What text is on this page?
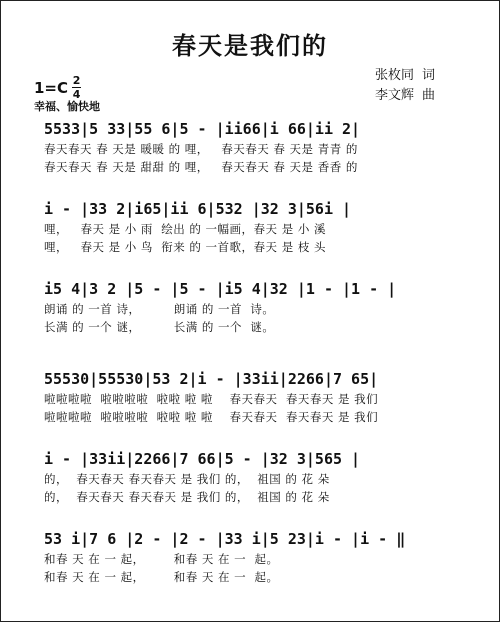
春天是我们的
1=C 2
4
幸福、愉快地
张枚同 词
李文辉 曲
5533|5 33|55 6|5 - |ii66|i 66|ii 2|
春天春天 春 天是 暖暖 的 哩，   春天春天 春 天是 青青 的
春天春天 春 天是 甜甜 的 哩，   春天春天 春 天是 香香 的
i - |33 2|i65|ii 6|532 |32 3|56i |
哩，   春天 是 小 雨  绘出 的 一幅画，春天 是 小 溪
哩，   春天 是 小 鸟  衔来 的 一首歌，春天 是 枝 头
i5 4|3 2 |5 - |5 - |i5 4|32 |1 - |1 - |
朗诵 的 一首 诗，        朗诵 的 一首  诗。
长满 的 一个 谜，        长满 的 一个  谜。
55530|55530|53 2|i - |33ii|2266|7 65|
啦啦啦啦  啦啦啦啦  啦啦 啦 啦    春天春天  春天春天 是 我们
啦啦啦啦  啦啦啦啦  啦啦 啦 啦    春天春天  春天春天 是 我们
i - |33ii|2266|7 66|5 - |32 3|565 |
的，  春天春天 春天春天 是 我们 的，  祖国 的 花 朵
的，  春天春天 春天春天 是 我们 的，  祖国 的 花 朵
53 i|7 6 |2 - |2 - |33 i|5 23|i - |i - ‖
和春 天 在 一 起，       和春 天 在 一  起。
和春 天 在 一 起，       和春 天 在 一  起。
